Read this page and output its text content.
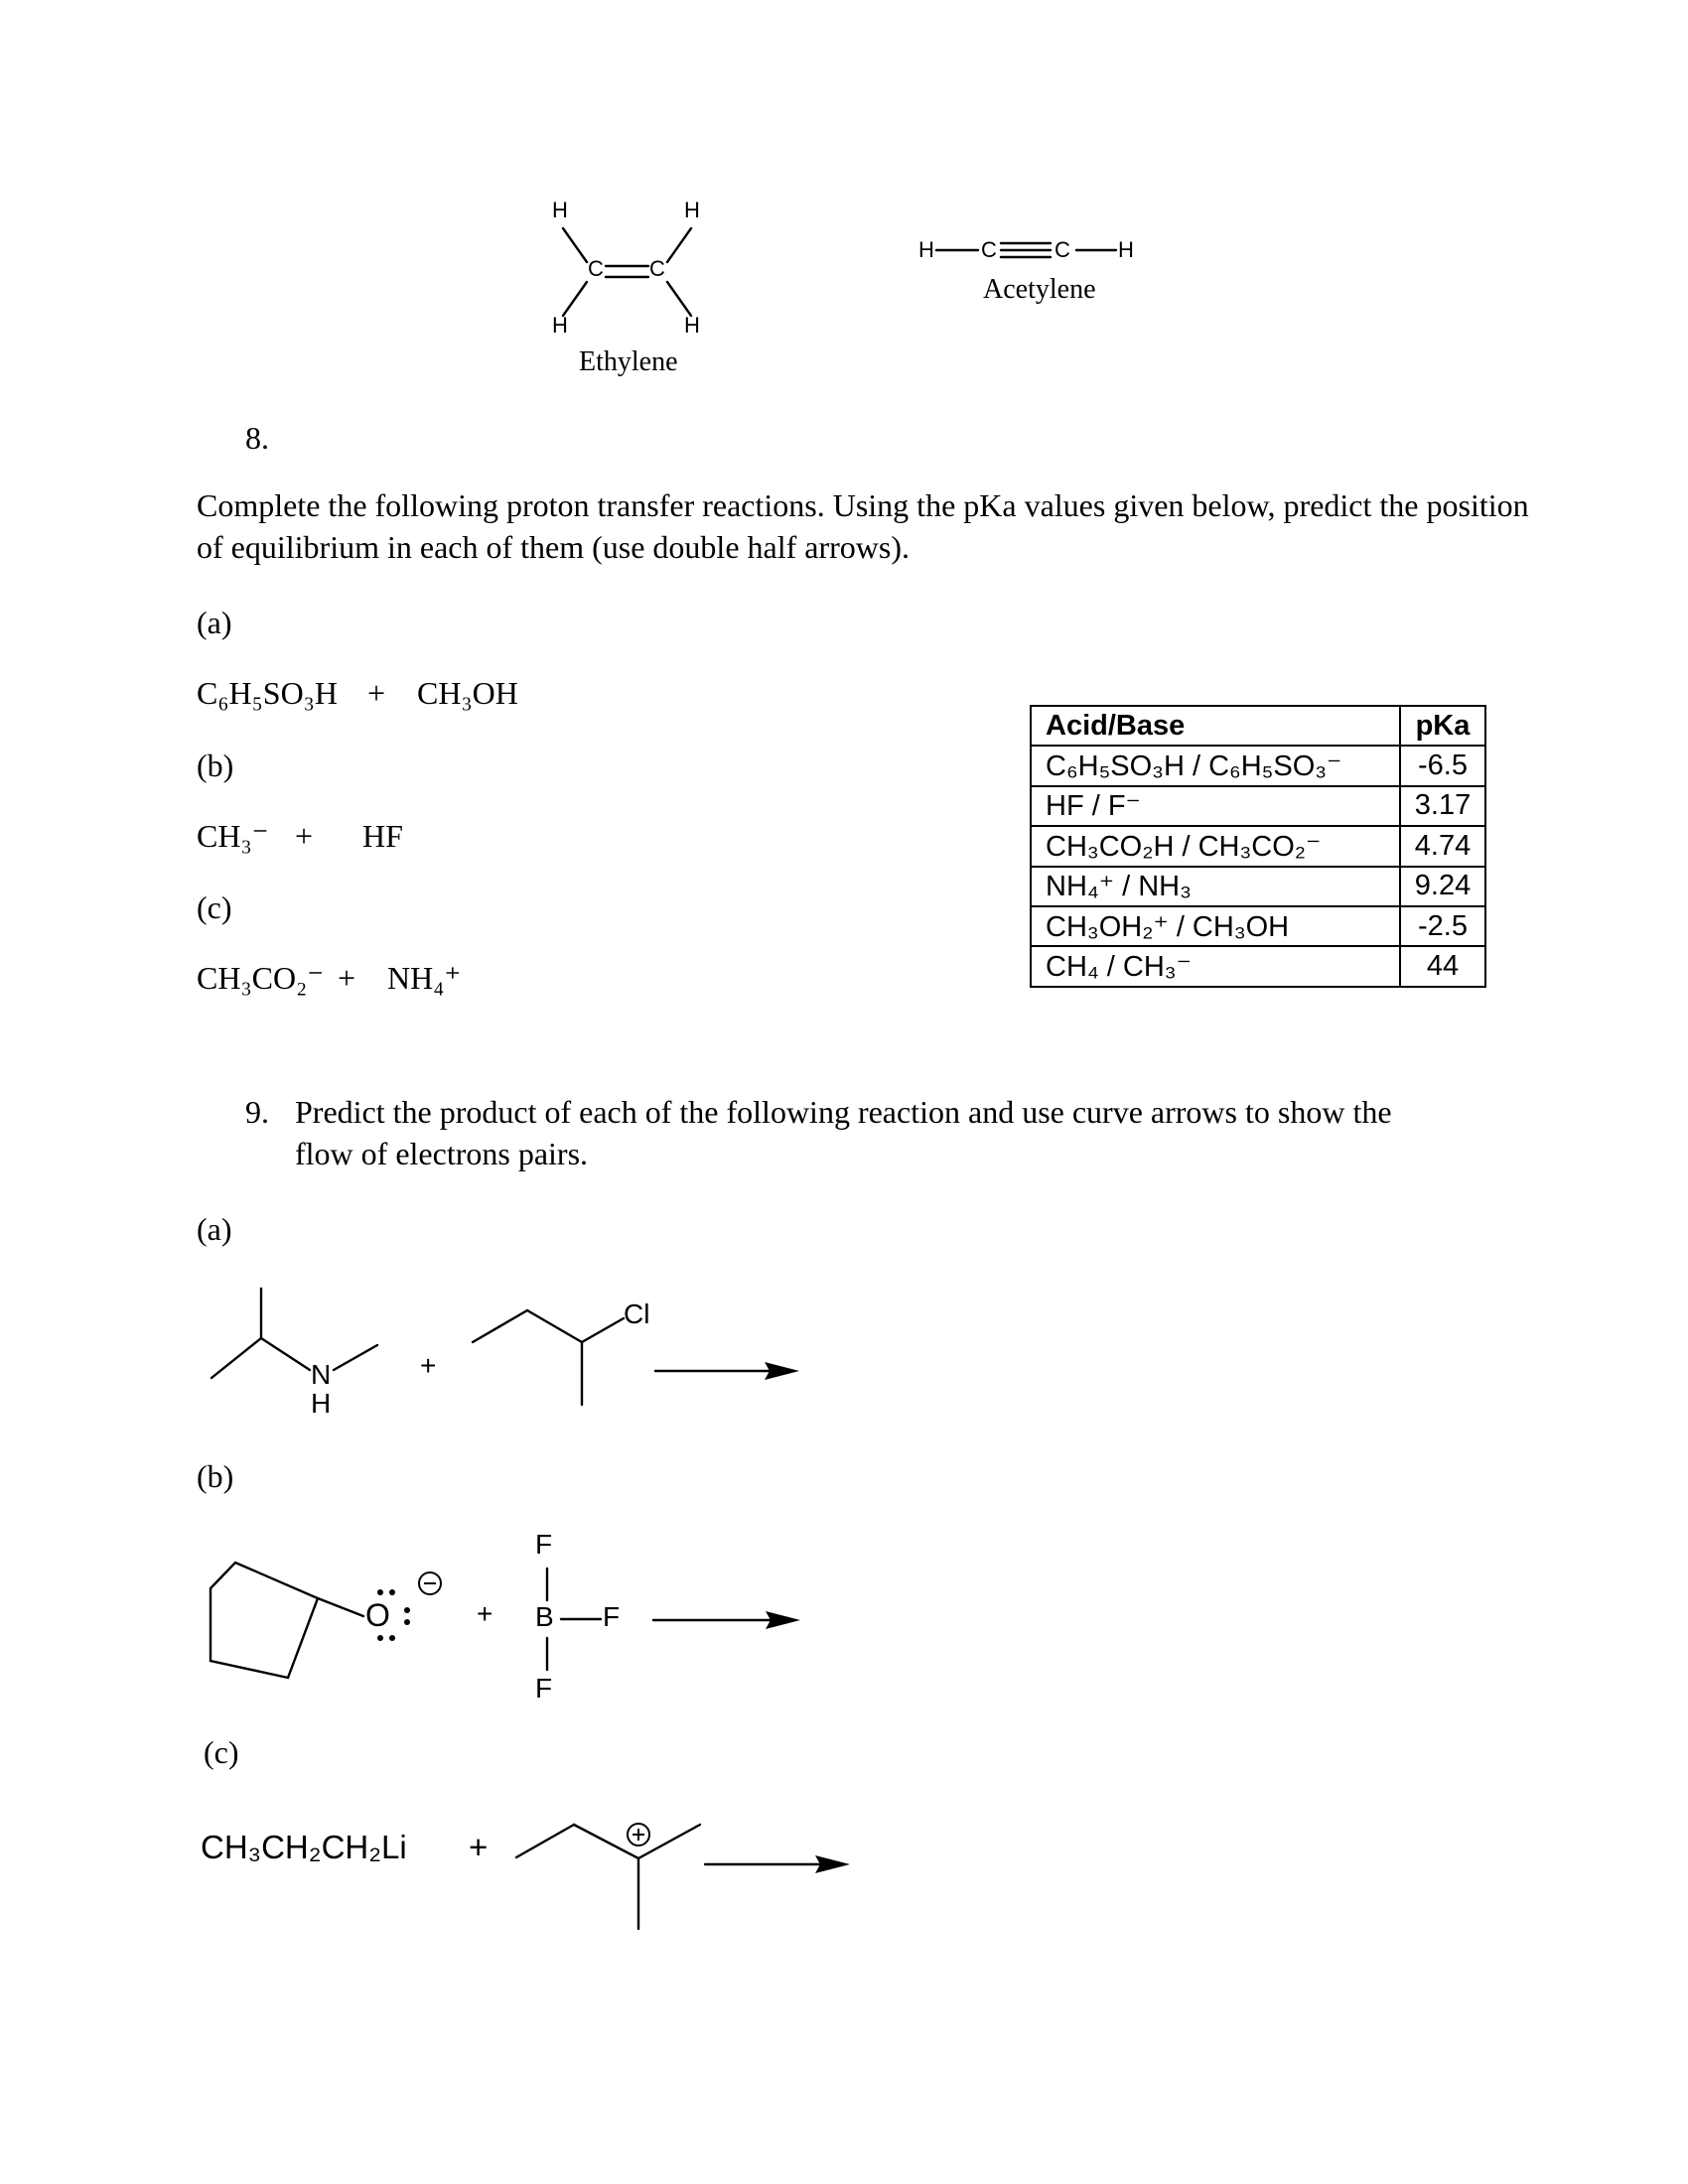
H	H
H	H
C C
Ethylene
H C	C H
Acetylene
8.
Complete the following proton transfer reactions. Using the pKa values given below, predict the position of equilibrium in each of them (use double half arrows).
(a)
C₆H₅SO₃H + CH₃OH
(b)
CH₃⁻ + HF
(c)
CH₃CO₂⁻ + NH₄⁺
Acid/Base	pKa
C₆H₅SO₃H / C₆H₅SO₃⁻	-6.5
HF / F⁻	3.17
CH₃CO₂H / CH₃CO₂⁻	4.74
NH₄⁺ / NH₃	9.24
CH₃OH₂⁺ / CH₃OH	-2.5
CH₄ / CH₃⁻	44
9. Predict the product of each of the following reaction and use curve arrows to show the flow of electrons pairs.
(a)
N
H
+
Cl
(b)
O	+
F
B F
F
(c)
CH₃CH₂CH₂Li +
